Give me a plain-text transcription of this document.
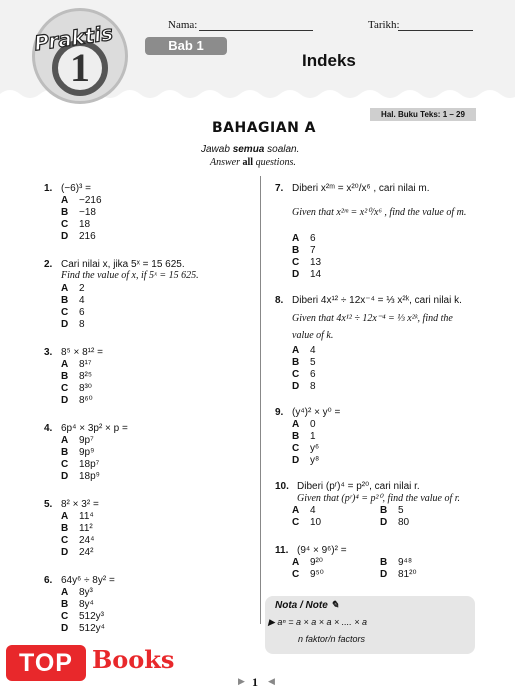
1
Praktis	Bab 1
Nama:	Tarikh:
Indeks
Hal. Buku Teks: 1 – 29
BAHAGIAN A
Jawab semua soalan.
Answer all questions.
1. (−6)³ =
A −216
B −18
C 18
D 216
2. Cari nilai x, jika 5ˣ = 15 625.
Find the value of x, if 5ˣ = 15 625.
A 2
B 4
C 6
D 8
3. 8⁵ × 8¹² =
A 8¹⁷
B 8²⁵
C 8³⁰
D 8⁶⁰
4. 6p⁴ × 3p² × p =
A 9p⁷
B 9p⁹
C 18p⁷
D 18p⁹
5. 8² × 3² =
A 11⁴
B 11²
C 24⁴
D 24²
6. 64y⁶ ÷ 8y² =
A 8y³
B 8y⁴
C 512y³
D 512y⁴
7. Diberi x²ᵐ = x²⁰/x⁶ , cari nilai m.
Given that x²ᵐ = x²⁰/x⁶ , find the value of m.
A 6
B 7
C 13
D 14
8. Diberi 4x¹² ÷ 12x⁻⁴ = ⅓ x²ᵏ, cari nilai k.
Given that 4x¹² ÷ 12x⁻⁴ = ⅓ x²ᵏ, find the
value of k.
A 4
B 5
C 6
D 8
9. (y⁴)² × y⁰ =
A 0
B 1
C y⁶
D y⁸
10. Diberi (pʳ)⁴ = p²⁰, cari nilai r.
Given that (pʳ)⁴ = p²⁰, find the value of r.
A 4	B 5
C 10	D 80
11. (9⁴ × 9⁶)² =
A 9²⁰	B 9⁴⁸
C 9⁵⁰	D 81²⁰
Nota / Note ✎
▶ aⁿ = a × a × a × .... × a
n faktor/n factors
TOP Books
▶ 1 ◀
